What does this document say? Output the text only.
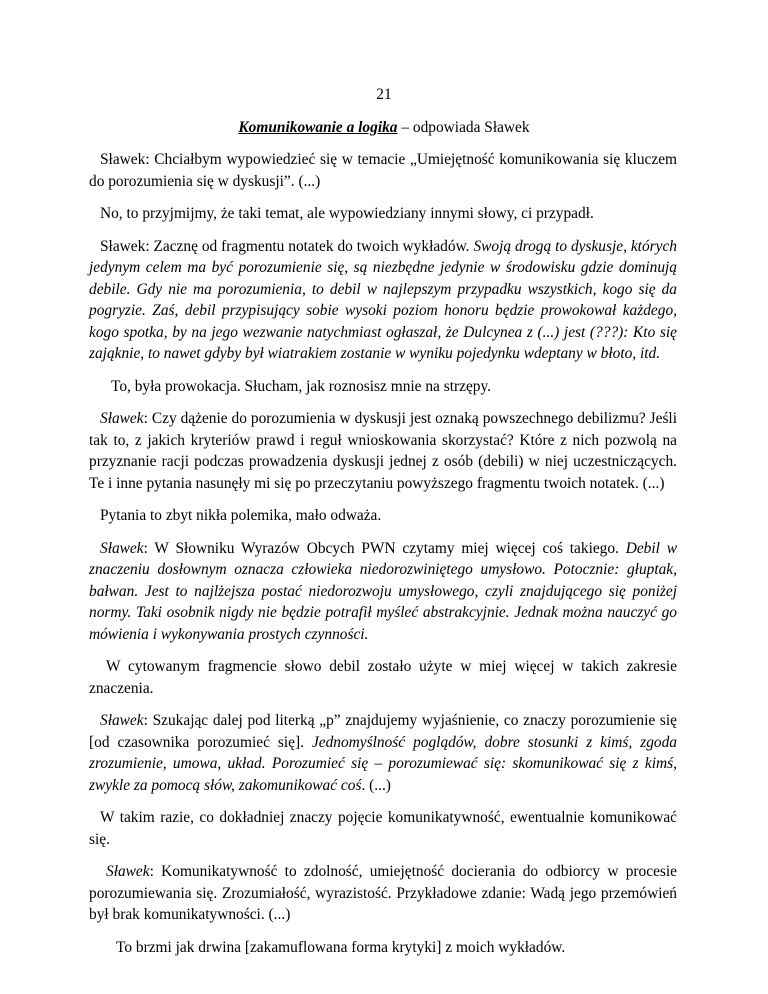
21
Komunikowanie a logika – odpowiada Sławek

Sławek: Chciałbym wypowiedzieć się w temacie „Umiejętność komunikowania się kluczem do porozumienia się w dyskusji”. (...)

No, to przyjmijmy, że taki temat, ale wypowiedziany innymi słowy, ci przypadł.

Sławek: Zacznę od fragmentu notatek do twoich wykładów. Swoją drogą to dyskusje, których jedynym celem ma być porozumienie się, są niezbędne jedynie w środowisku gdzie dominują debile. Gdy nie ma porozumienia, to debil w najlepszym przypadku wszystkich, kogo się da pogryzie. Zaś, debil przypisujący sobie wysoki poziom honoru będzie prowokował każdego, kogo spotka, by na jego wezwanie natychmiast ogłaszał, że Dulcynea z (...) jest (???): Kto się zająknie, to nawet gdyby był wiatrakiem zostanie w wyniku pojedynku wdeptany w błoto, itd.

To, była prowokacja. Słucham, jak roznosisz mnie na strzępy.

Sławek: Czy dążenie do porozumienia w dyskusji jest oznaką powszechnego debilizmu? Jeśli tak to, z jakich kryteriów prawd i reguł wnioskowania skorzystać? Które z nich pozwolą na przyznanie racji podczas prowadzenia dyskusji jednej z osób (debili) w niej uczestniczących. Te i inne pytania nasunęły mi się po przeczytaniu powyższego fragmentu twoich notatek. (...)

Pytania to zbyt nikła polemika, mało odważa.

Sławek: W Słowniku Wyrazów Obcych PWN czytamy miej więcej coś takiego. Debil w znaczeniu dosłownym oznacza człowieka niedorozwiniętego umysłowo. Potocznie: głuptak, bałwan. Jest to najlżejsza postać niedorozwoju umysłowego, czyli znajdującego się poniżej normy. Taki osobnik nigdy nie będzie potrafił myśleć abstrakcyjnie. Jednak można nauczyć go mówienia i wykonywania prostych czynności.

W cytowanym fragmencie słowo debil zostało użyte w miej więcej w takich zakresie znaczenia.

Sławek: Szukając dalej pod literką „p” znajdujemy wyjaśnienie, co znaczy porozumienie się [od czasownika porozumieć się]. Jednomyślność poglądów, dobre stosunki z kimś, zgoda zrozumienie, umowa, układ. Porozumieć się – porozumiewać się: skomunikować się z kimś, zwykle za pomocą słów, zakomunikować coś. (...)

W takim razie, co dokładniej znaczy pojęcie komunikatywność, ewentualnie komunikować się.

Sławek: Komunikatywność to zdolność, umiejętność docierania do odbiorcy w procesie porozumiewania się. Zrozumiałość, wyrazistość. Przykładowe zdanie: Wadą jego przemówień był brak komunikatywności. (...)

To brzmi jak drwina [zakamuflowana forma krytyki] z moich wykładów.
